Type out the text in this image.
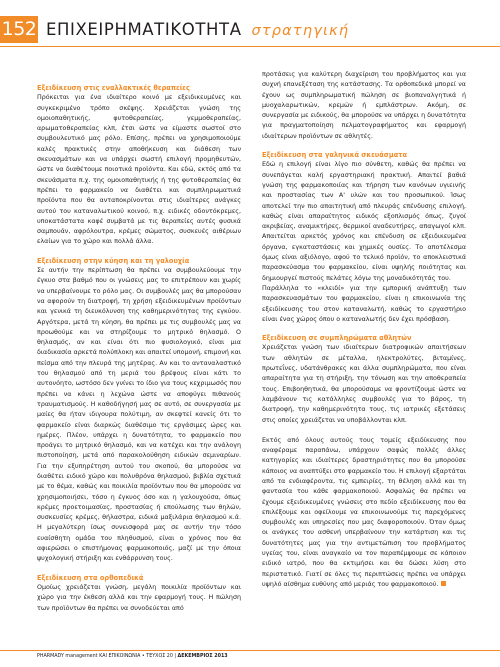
152 ΕΠΙΧΕΙΡΗΜΑΤΙΚΟΤΗΤΑ στρατηγική
Εξειδίκευση στις εναλλακτικές θεραπείες

Πρόκειται για ένα ιδιαίτερο κοινό με εξειδικευμένες και συγκεκριμένο τρόπο σκέψης. Χρειάζεται γνώση της ομοιοπαθητικής, φυτοθεραπείας, γεμμοθεραπείας, αρωματοθεραπείας κλπ, έτσι ώστε να είμαστε σωστοί στο συμβουλευτικό μας ρόλο. Επίσης, πρέπει να χρησιμοποιούμε καλές πρακτικές στην αποθήκευση και διάθεση των σκευασμάτων και να υπάρχει σωστή επιλογή προμηθευτών, ώστε να διαθέτουμε ποιοτικά προϊόντα. Και εδώ, εκτός από τα σκευάσματα π.χ. της ομοιοπαθητικής ή της φυτοθεραπείας θα πρέπει το φαρμακείο να διαθέτει και συμπληρωματικά προϊόντα που θα ανταποκρίνονται στις ιδιαίτερες ανάγκες αυτού του καταναλωτικού κοινού, π.χ. ειδικές οδοντόκρεμες, υποκατάστατα καφέ συμβατά με τις θεραπείες αυτές φυσικά σαμπουάν, αφρόλουτρα, κρέμες σώματος, συσκευές αιθέριων ελαίων για το χώρο και πολλά άλλα.

Εξειδίκευση στην κύηση και τη γαλουχία

Σε αυτήν την περίπτωση θα πρέπει να συμβουλεύουμε την έγκυο στα βαθμό που οι γνώσεις μας το επιτρέπουν και χωρίς να υπερβαίνουμε το ρόλο μας. Οι συμβουλές μας θα μπορούσαν να αφορούν τη διατροφή, τη χρήση εξειδικευμένων προϊόντων και γενικά τη διευκόλυνση της καθημερινότητας της εγκύου. Αργότερα, μετά τη κύηση, θα πρέπει με τις συμβουλές μας να προωθούμε και να στηρίζουμε το μητρικό θηλασμό. Ο θηλασμός, αν και είναι ότι πιο φυσιολογικό, είναι μια διαδικασία αρκετά πολύπλοκη και απαιτεί υπομονή, επιμονή και πείσμα από την πλευρά της μητέρας. Αν και το ανταναλαστικό του θηλασμού από τη μεριά του βρέφους είναι κάτι το αυτονόητο, ωστόσο δεν γνίνει το ίδιο για τους κεχριμωσός που πρέπει να κάνει η λεχώνα ώστε να αποφύγει πιθανούς τραυματισμούς. Η καθοδήγησή μας σε αυτό, σε συνεργασία με μαίες θα ήταν ιδιγουρα πολύτιμη, αν σκεφτεί κανείς ότι το φαρμακείο είναι διαρκώς διαθέσιμο τις εργάσιμες ώρες και ημέρες. Πλέον, υπάρχει η δυνατότητα, το φαρμακείο που προάγει το μητρικό θηλασμό, και να κατέχει και την ανάλογη πιστοποίηση, μετά από παρακολούθηση ειδικών σεμιναρίων. Για την εξυπηρέτηση αυτού του σκοπού, θα μπορούσε να διαθέτει ειδικό χώρο και πολυθρόνα θηλασμού, βιβλία σχετικά με το θέμα, καθώς και ποικιλία προϊόντων που θα μπορούσε να χρησιμοποιήσει, τόσο η έγκυος όσο και η γαλουχούσα, όπως κρέμες προετοιμασίας, προστασίας ή επούλωσης των θηλών, συσκευσίες κρέμες, θήλαστρα, ειδικά μαξιλάρια θηλασμού κ.ά. Η μεγαλύτερη ίσως συνεισφορά μας σε αυτήν την τόσο ευαίσθητη ομάδα του πληθυσμού, είναι ο χρόνος που θα αφιερώσει ο επιστήμονας φαρμακοποιός, μαζί με την όποια ψυχολογική στήριξη και ενθάρρυνση τους.

Εξειδίκευση στα ορθοπεδικά

Ομοίως χρειάζεται γνώση, μεγάλη ποικιλία προϊόντων και χώρο για την έκθεση αλλά και την εφαρμογή τους. Η πώληση των προϊόντων θα πρέπει να συνοδεύεται από

προτάσεις για καλύτερη διαχείριση του προβλήματος και για συχνή επανεξέταση της κατάστασης. Τα ορθοπεδικά μπορεί να έχουν ως συμπληρωματική πώληση σε βιοπαναλγητικά ή μυοχαλαρωτικών, κρεμών ή εμπλάστρων. Ακόμη, σε συνεργασία με ειδικούς, θα μπορούσε να υπάρχει η δυνατότητα για πραγματοποίηση πελματογραφήματος και εφαρμογή ιδιαίτερων προϊόντων σε αθλητές.

Εξειδίκευση στα γαληνικά σκευάσματα

Εδώ η επιλογή είναι λίγο πιο σύνθετη, καθώς θα πρέπει να συνεπάγεται καλή εργαστηριακή πρακτική. Απαιτεί βαθιά γνώση της φαρμακοποιίας και τήρηση των κανόνων υγιεινής και προστασίας των Α' υλών και του προσωπικού. Ίσως αποτελεί την πιο απαιτητική από πλευράς επένδυσης επιλογή, καθώς είναι απαραίτητος ειδικός εξοπλισμός όπως, ζυγοί ακριβείας, αναμικτήρες, θερμικοί αναδευτήρες, απαγωγοί κλπ. Απαιτείται αρκετός χρόνος και επένδυση σε εξειδικευμένα όργανα, εγκαταστάσεις και χημικές ουσίες. Το αποτέλεσμα όμως είναι αξιόλογο, αφού το τελικό προϊόν, το αποκλειστικά παρασκεύασμα του φαρμακείου, είναι υψηλής ποιότητας και δημιουργεί πιστούς πελάτες λόγω της μοναδικότητάς του.

Παράλληλα το «κλειδί» για την εμπορική ανάπτυξη των παρασκευασμάτων του φαρμακείου, είναι η επικοινωνία της εξειδίκευσης του στον καταναλωτή, καθώς το εργαστήριο είναι ένας χώρος όπου ο καταναλωτής δεν έχει πρόσβαση.

Εξειδίκευση σε συμπληρώματα αθλητών

Χρειάζεται γνώση των ιδιαίτερων διατροφικών απαιτήσεων των αθλητών σε μέταλλα, ηλεκτρολύτες, βιταμίνες, πρωτεΐνες, υδατάνθρακες και άλλα συμπληρώματα, που είναι απαραίτητα για τη στήριξη, την τόνωση και την αποθεραπεία τους. Επιβοηθητικά, θα μπορούσαμε να φροντίζουμε ώστε να λαμβάνουν τις κατάλληλες συμβουλές για το βάρος, τη διατροφή, την καθημερινότητα τους, τις ιατρικές εξετάσεις στις οποίες χρειάζεται να υποβάλλονται κλπ.

Εκτός από όλους αυτούς τους τομείς εξειδίκευσης που αναφέραμε παραπάνω, υπάρχουν σαφώς πολλές άλλες κατηγορίες και ιδιαίτερες δραστηριότητες που θα μπορούσε κάποιος να αναπτύξει στο φαρμακείο του. Η επιλογή εξαρτάται από τα ενδιαφέροντα, τις εμπειρίες, τη θέληση αλλά και τη φαντασία του κάθε φαρμακοποιού. Ασφαλώς θα πρέπει να έχουμε εξειδικευμένες γνώσεις στο πεδίο εξειδίκευσης που θα επιλέξουμε και οφείλουμε να επικοινωνούμε τις παρεχόμενες συμβουλές και υπηρεσίες που μας διαφοροποιούν. Όταν όμως οι ανάγκες του ασθενή υπερβαίνουν την κατάρτιση και τις δυνατότητες μας για την αντιμετώπιση του προβλήματος υγείας του, είναι αναγκαίο να τον παραπέμψουμε σε κάποιον ειδικό ιατρό, που θα εκτιμήσει και θα δώσει λύση στο περιστατικό. Γιατί σε όλες τις περιπτώσεις πρέπει να υπάρχει υψηλό αίσθημα ευθύνης από μεριάς του φαρμακοποιού.

PHARMADY management ΚΑΙ ΕΠΙΚΟΙΝΩΝΙΑ • ΤΕΥΧΟΣ 20 | ΔΕΚΕΜΒΡΙΟΣ 2013
